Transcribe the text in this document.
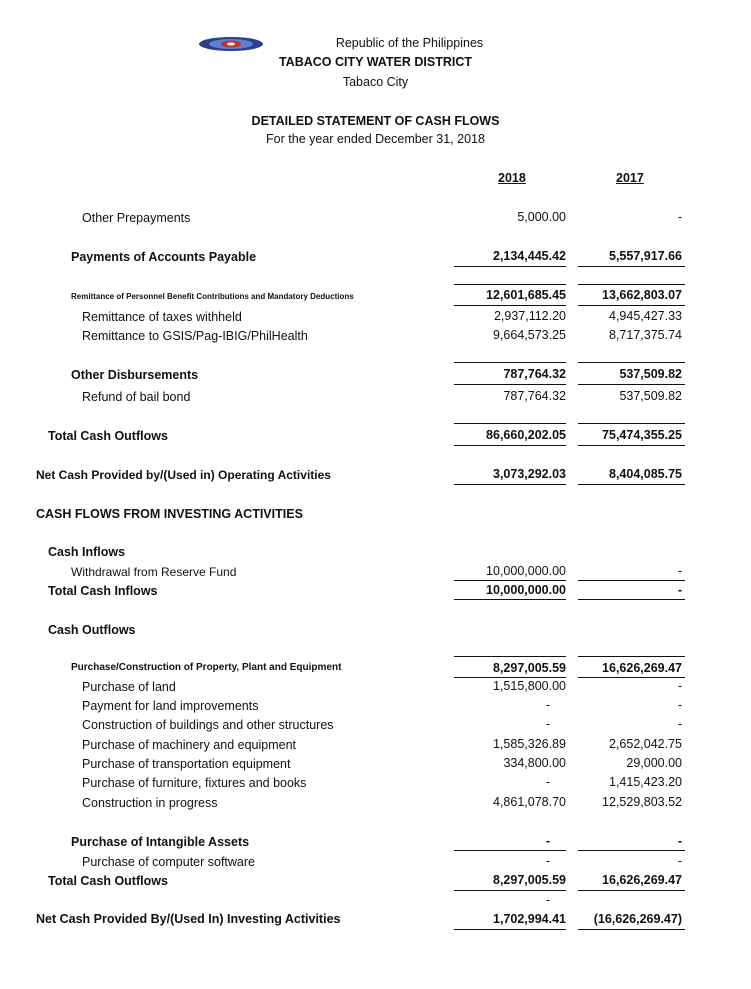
Republic of the Philippines
TABACO CITY WATER DISTRICT
Tabaco City
DETAILED STATEMENT OF CASH FLOWS
For the year ended December 31, 2018
2018	2017
Other Prepayments	5,000.00	-
Payments of Accounts Payable	2,134,445.42	5,557,917.66
Remittance of Personnel Benefit Contributions and Mandatory Deductions	12,601,685.45	13,662,803.07
Remittance of taxes withheld	2,937,112.20	4,945,427.33
Remittance to GSIS/Pag-IBIG/PhilHealth	9,664,573.25	8,717,375.74
Other Disbursements	787,764.32	537,509.82
Refund of bail bond	787,764.32	537,509.82
Total Cash Outflows	86,660,202.05	75,474,355.25
Net Cash Provided by/(Used in) Operating Activities	3,073,292.03	8,404,085.75
CASH FLOWS FROM INVESTING ACTIVITIES
Cash Inflows
Withdrawal from Reserve Fund	10,000,000.00	-
Total Cash Inflows	10,000,000.00	-
Cash Outflows
Purchase/Construction of Property, Plant and Equipment	8,297,005.59	16,626,269.47
Purchase of land	1,515,800.00	-
Payment for land improvements	-	-
Construction of buildings and other structures	-	-
Purchase of machinery and equipment	1,585,326.89	2,652,042.75
Purchase of transportation equipment	334,800.00	29,000.00
Purchase of furniture, fixtures and books	-	1,415,423.20
Construction in progress	4,861,078.70	12,529,803.52
Purchase of Intangible Assets	-	-
Purchase of computer software	-	-
Total Cash Outflows	8,297,005.59	16,626,269.47
-
Net Cash Provided By/(Used In) Investing Activities	1,702,994.41	(16,626,269.47)
